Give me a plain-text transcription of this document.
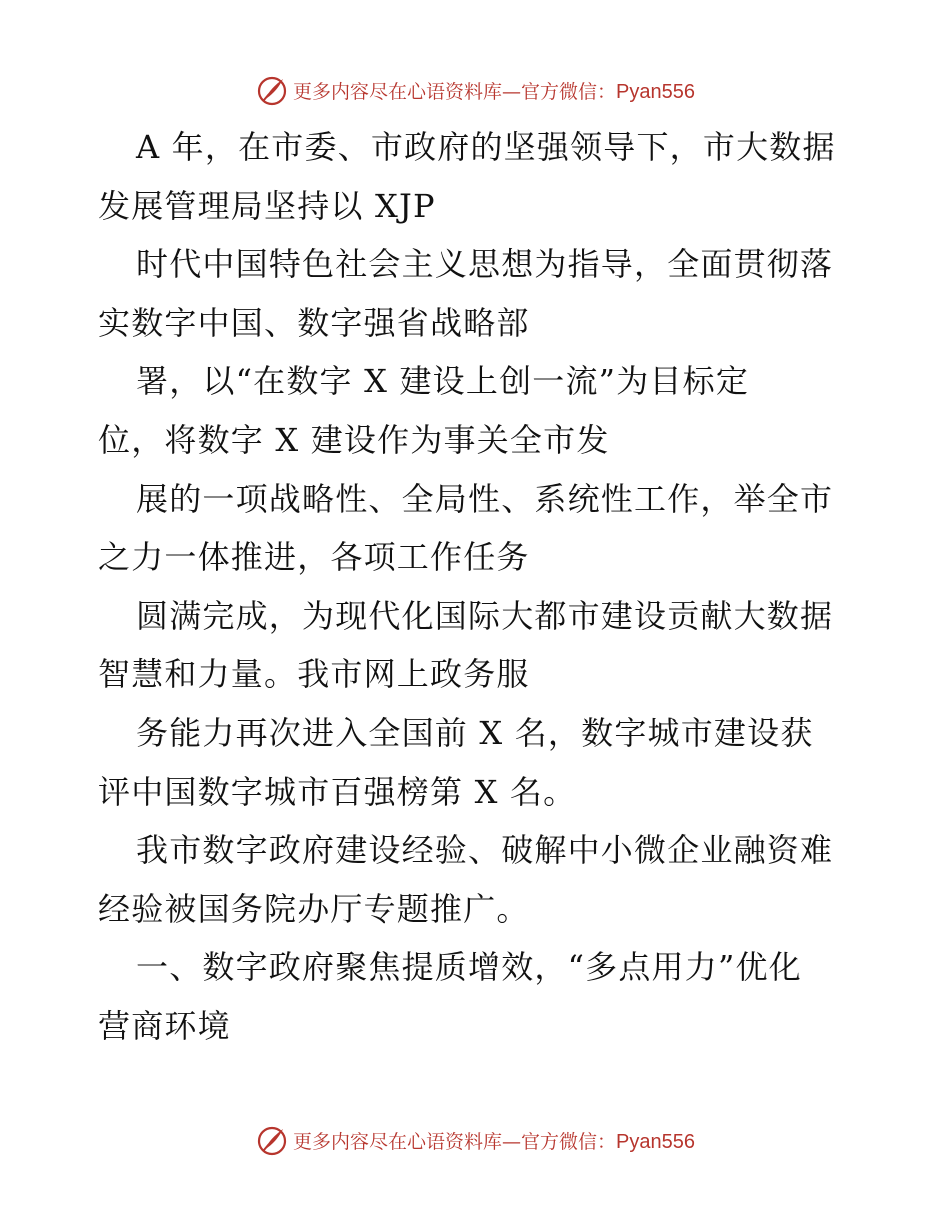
更多内容尽在心语资料库—官方微信：Pyan556
A 年，在市委、市政府的坚强领导下，市大数据
发展管理局坚持以 XJP
时代中国特色社会主义思想为指导，全面贯彻落
实数字中国、数字强省战略部
署，以“在数字 X 建设上创一流”为目标定
位，将数字 X 建设作为事关全市发
展的一项战略性、全局性、系统性工作，举全市
之力一体推进，各项工作任务
圆满完成，为现代化国际大都市建设贡献大数据
智慧和力量。我市网上政务服
务能力再次进入全国前 X 名，数字城市建设获
评中国数字城市百强榜第 X 名。
我市数字政府建设经验、破解中小微企业融资难
经验被国务院办厅专题推广。
一、数字政府聚焦提质增效，“多点用力”优化
营商环境
更多内容尽在心语资料库—官方微信：Pyan556
